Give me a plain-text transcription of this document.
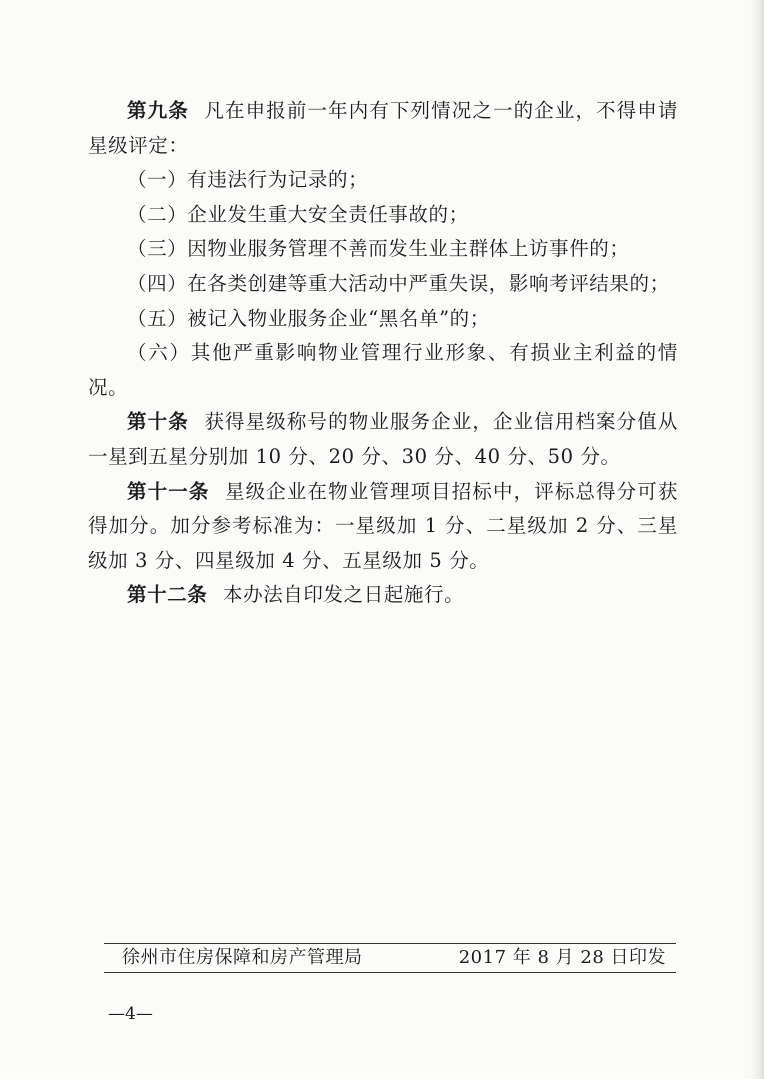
第九条 凡在申报前一年内有下列情况之一的企业，不得申请星级评定：

（一）有违法行为记录的；

（二）企业发生重大安全责任事故的；

（三）因物业服务管理不善而发生业主群体上访事件的；

（四）在各类创建等重大活动中严重失误，影响考评结果的；

（五）被记入物业服务企业“黑名单”的；

（六）其他严重影响物业管理行业形象、有损业主利益的情况。

第十条 获得星级称号的物业服务企业，企业信用档案分值从一星到五星分别加 10 分、20 分、30 分、40 分、50 分。

第十一条 星级企业在物业管理项目招标中，评标总得分可获得加分。加分参考标准为：一星级加 1 分、二星级加 2 分、三星级加 3 分、四星级加 4 分、五星级加 5 分。

第十二条 本办法自印发之日起施行。

徐州市住房保障和房产管理局	2017 年 8 月 28 日印发
—4—
